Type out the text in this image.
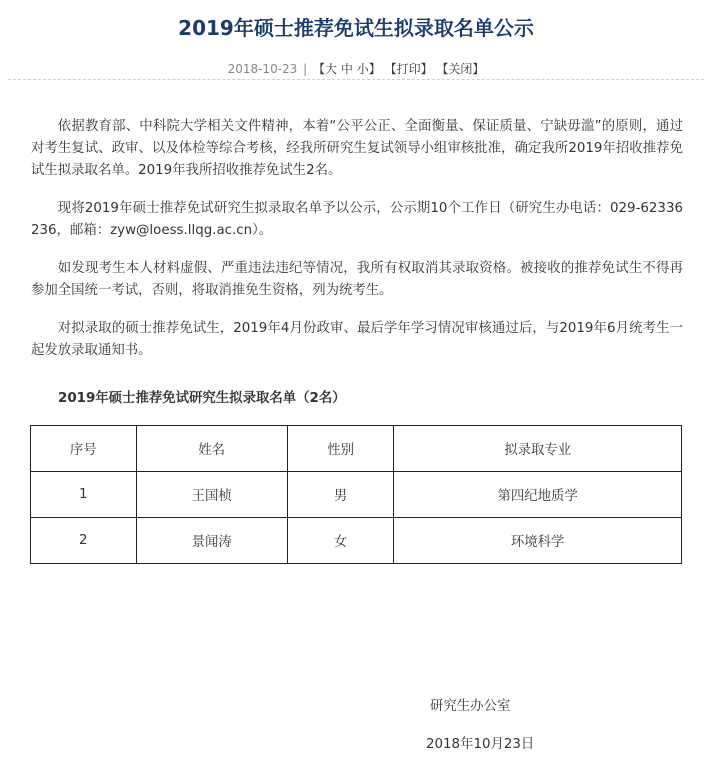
2019年硕士推荐免试生拟录取名单公示
2018-10-23 | 【大 中 小】 【打印】 【关闭】

依据教育部、中科院大学相关文件精神，本着“公平公正、全面衡量、保证质量、宁缺毋滥”的原则，通过对考生复试、政审、以及体检等综合考核，经我所研究生复试领导小组审核批准，确定我所2019年招收推荐免试生拟录取名单。2019年我所招收推荐免试生2名。

现将2019年硕士推荐免试研究生拟录取名单予以公示，公示期10个工作日（研究生办电话：029-62336236，邮箱：zyw@loess.llqg.ac.cn）。

如发现考生本人材料虚假、严重违法违纪等情况，我所有权取消其录取资格。被接收的推荐免试生不得再参加全国统一考试，否则，将取消推免生资格，列为统考生。

对拟录取的硕士推荐免试生，2019年4月份政审、最后学年学习情况审核通过后，与2019年6月统考生一起发放录取通知书。

2019年硕士推荐免试研究生拟录取名单（2名）
序号	姓名	性别	拟录取专业
1	王国桢	男	第四纪地质学
2	景闻涛	女	环境科学
研究生办公室
2018年10月23日
